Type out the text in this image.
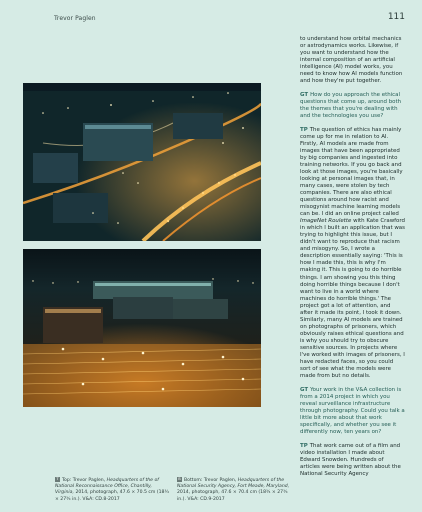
Trevor Paglen	111
T Top: Trevor Paglen, Headquarters of the of National Reconnaissance Office, Chantilly, Virginia, 2014, photograph, 47.6 × 70.5 cm (18¾ × 27¾ in.). V&A: CD.8-2017
B Bottom: Trevor Paglen, Headquarters of the National Security Agency, Fort Meade, Maryland, 2014, photograph, 47.6 × 70.4 cm (18¾ × 27¾ in.). V&A: CD.9-2017

to understand how orbital mechanics or astrodynamics works. Likewise, if you want to understand how the internal composition of an artificial intelligence (AI) model works, you need to know how AI models function and how they're put together.

GT How do you approach the ethical questions that come up, around both the themes that you're dealing with and the technologies you use?

TP The question of ethics has mainly come up for me in relation to AI. Firstly, AI models are made from images that have been appropriated by big companies and ingested into training networks. If you go back and look at those images, you're basically looking at personal images that, in many cases, were stolen by tech companies. There are also ethical questions around how racist and misogynist machine learning models can be. I did an online project called ImageNet Roulette with Kate Crawford in which I built an application that was trying to highlight this issue, but I didn't want to reproduce that racism and misogyny. So, I wrote a description essentially saying: 'This is how I made this, this is why I'm making it. This is going to do horrible things. I am showing you this thing doing horrible things because I don't want to live in a world where machines do horrible things.' The project got a lot of attention, and after it made its point, I took it down. Similarly, many AI models are trained on photographs of prisoners, which obviously raises ethical questions and is why you should try to obscure sensitive sources. In projects where I've worked with images of prisoners, I have redacted faces, so you could sort of see what the models were made from but no details.

GT Your work in the V&A collection is from a 2014 project in which you reveal surveillance infrastructure through photography. Could you talk a little bit more about that work specifically, and whether you see it differently now, ten years on?

TP That work came out of a film and video installation I made about Edward Snowden. Hundreds of articles were being written about the National Security Agency
